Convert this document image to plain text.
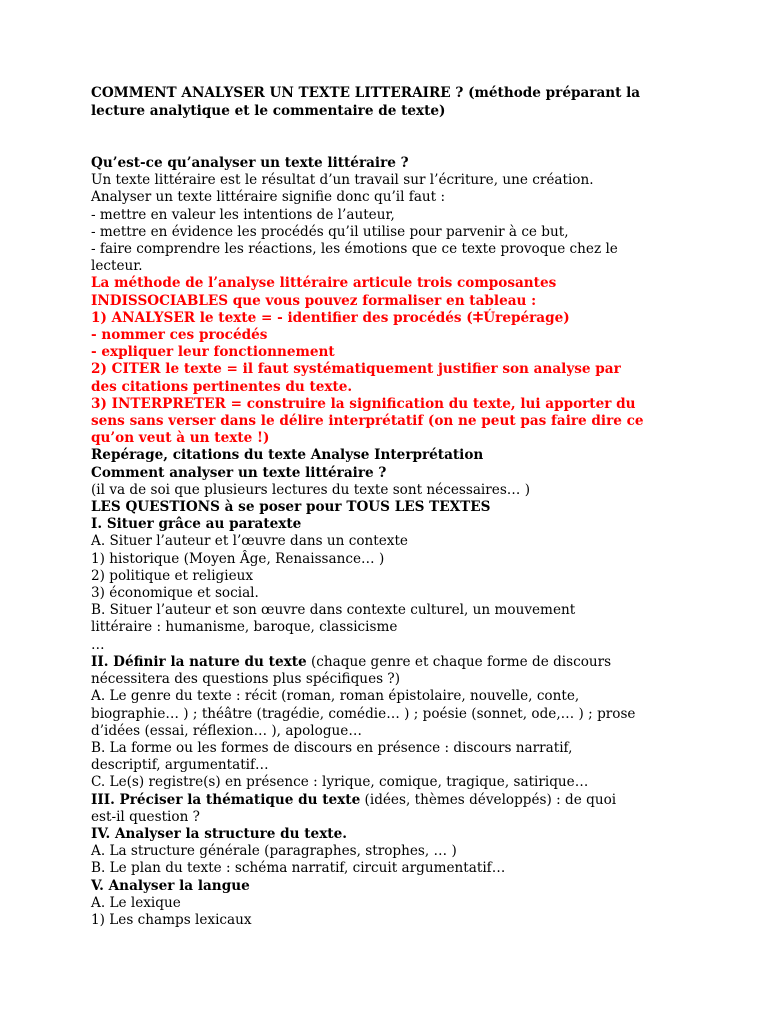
COMMENT ANALYSER UN TEXTE LITTERAIRE ? (méthode préparant la lecture analytique et le commentaire de texte)

Qu’est-ce qu’analyser un texte littéraire ?

Un texte littéraire est le résultat d’un travail sur l’écriture, une création.

Analyser un texte littéraire signifie donc qu’il faut :

- mettre en valeur les intentions de l’auteur,

- mettre en évidence les procédés qu’il utilise pour parvenir à ce but,

- faire comprendre les réactions, les émotions que ce texte provoque chez le

lecteur.

La méthode de l’analyse littéraire articule trois composantes

INDISSOCIABLES que vous pouvez formaliser en tableau :

1) ANALYSER le texte = - identifier des procédés (ⵐÚrepérage)

- nommer ces procédés

- expliquer leur fonctionnement

2) CITER le texte = il faut systématiquement justifier son analyse par

des citations pertinentes du texte.

3) INTERPRETER = construire la signification du texte, lui apporter du

sens sans verser dans le délire interprétatif (on ne peut pas faire dire ce

qu’on veut à un texte !)

Repérage, citations du texte Analyse Interprétation

Comment analyser un texte littéraire ?

(il va de soi que plusieurs lectures du texte sont nécessaires… )

LES QUESTIONS à se poser pour TOUS LES TEXTES

I. Situer grâce au paratexte

A. Situer l’auteur et l’œuvre dans un contexte

1) historique (Moyen Âge, Renaissance… )

2) politique et religieux

3) économique et social.

B. Situer l’auteur et son œuvre dans contexte culturel, un mouvement

littéraire : humanisme, baroque, classicisme

…

II. Définir la nature du texte (chaque genre et chaque forme de discours

nécessitera des questions plus spécifiques ?)

A. Le genre du texte : récit (roman, roman épistolaire, nouvelle, conte,

biographie… ) ; théâtre (tragédie, comédie… ) ; poésie (sonnet, ode,… ) ; prose

d’idées (essai, réflexion… ), apologue…

B. La forme ou les formes de discours en présence : discours narratif,

descriptif, argumentatif…

C. Le(s) registre(s) en présence : lyrique, comique, tragique, satirique…

III. Préciser la thématique du texte (idées, thèmes développés) : de quoi

est-il question ?

IV. Analyser la structure du texte.

A. La structure générale (paragraphes, strophes, … )

B. Le plan du texte : schéma narratif, circuit argumentatif…

V. Analyser la langue

A. Le lexique

1) Les champs lexicaux
